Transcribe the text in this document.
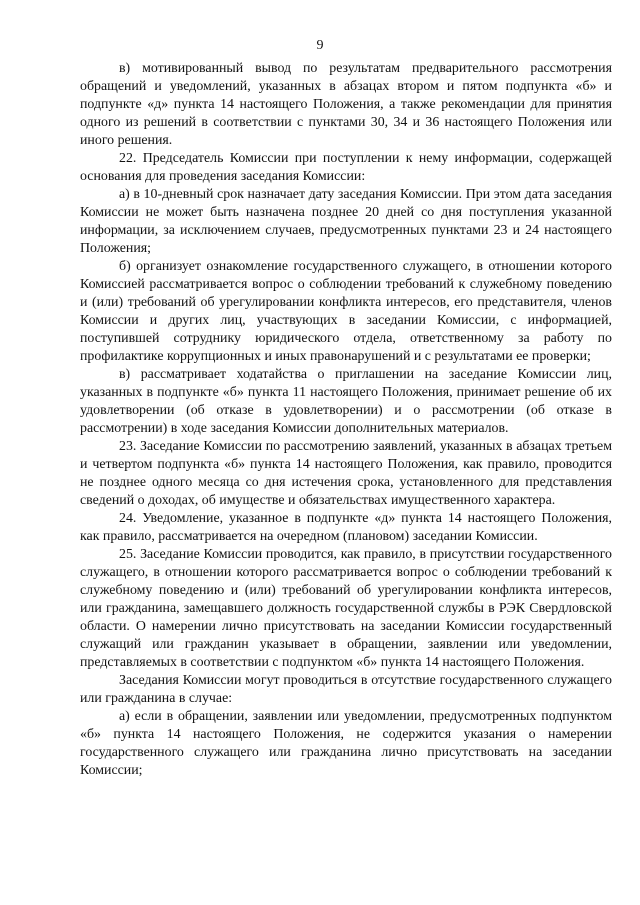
9

в) мотивированный вывод по результатам предварительного рассмотрения обращений и уведомлений, указанных в абзацах втором и пятом подпункта «б» и подпункте «д» пункта 14 настоящего Положения, а также рекомендации для принятия одного из решений в соответствии с пунктами 30, 34 и 36 настоящего Положения или иного решения.

22. Председатель Комиссии при поступлении к нему информации, содержащей основания для проведения заседания Комиссии:

а) в 10-дневный срок назначает дату заседания Комиссии. При этом дата заседания Комиссии не может быть назначена позднее 20 дней со дня поступления указанной информации, за исключением случаев, предусмотренных пунктами 23 и 24 настоящего Положения;

б) организует ознакомление государственного служащего, в отношении которого Комиссией рассматривается вопрос о соблюдении требований к служебному поведению и (или) требований об урегулировании конфликта интересов, его представителя, членов Комиссии и других лиц, участвующих в заседании Комиссии, с информацией, поступившей сотруднику юридического отдела, ответственному за работу по профилактике коррупционных и иных правонарушений и с результатами ее проверки;

в) рассматривает ходатайства о приглашении на заседание Комиссии лиц, указанных в подпункте «б» пункта 11 настоящего Положения, принимает решение об их удовлетворении (об отказе в удовлетворении) и о рассмотрении (об отказе в рассмотрении) в ходе заседания Комиссии дополнительных материалов.

23. Заседание Комиссии по рассмотрению заявлений, указанных в абзацах третьем и четвертом подпункта «б» пункта 14 настоящего Положения, как правило, проводится не позднее одного месяца со дня истечения срока, установленного для представления сведений о доходах, об имуществе и обязательствах имущественного характера.

24. Уведомление, указанное в подпункте «д» пункта 14 настоящего Положения, как правило, рассматривается на очередном (плановом) заседании Комиссии.

25. Заседание Комиссии проводится, как правило, в присутствии государственного служащего, в отношении которого рассматривается вопрос о соблюдении требований к служебному поведению и (или) требований об урегулировании конфликта интересов, или гражданина, замещавшего должность государственной службы в РЭК Свердловской области. О намерении лично присутствовать на заседании Комиссии государственный служащий или гражданин указывает в обращении, заявлении или уведомлении, представляемых в соответствии с подпунктом «б» пункта 14 настоящего Положения.

Заседания Комиссии могут проводиться в отсутствие государственного служащего или гражданина в случае:

а) если в обращении, заявлении или уведомлении, предусмотренных подпунктом «б» пункта 14 настоящего Положения, не содержится указания о намерении государственного служащего или гражданина лично присутствовать на заседании Комиссии;
